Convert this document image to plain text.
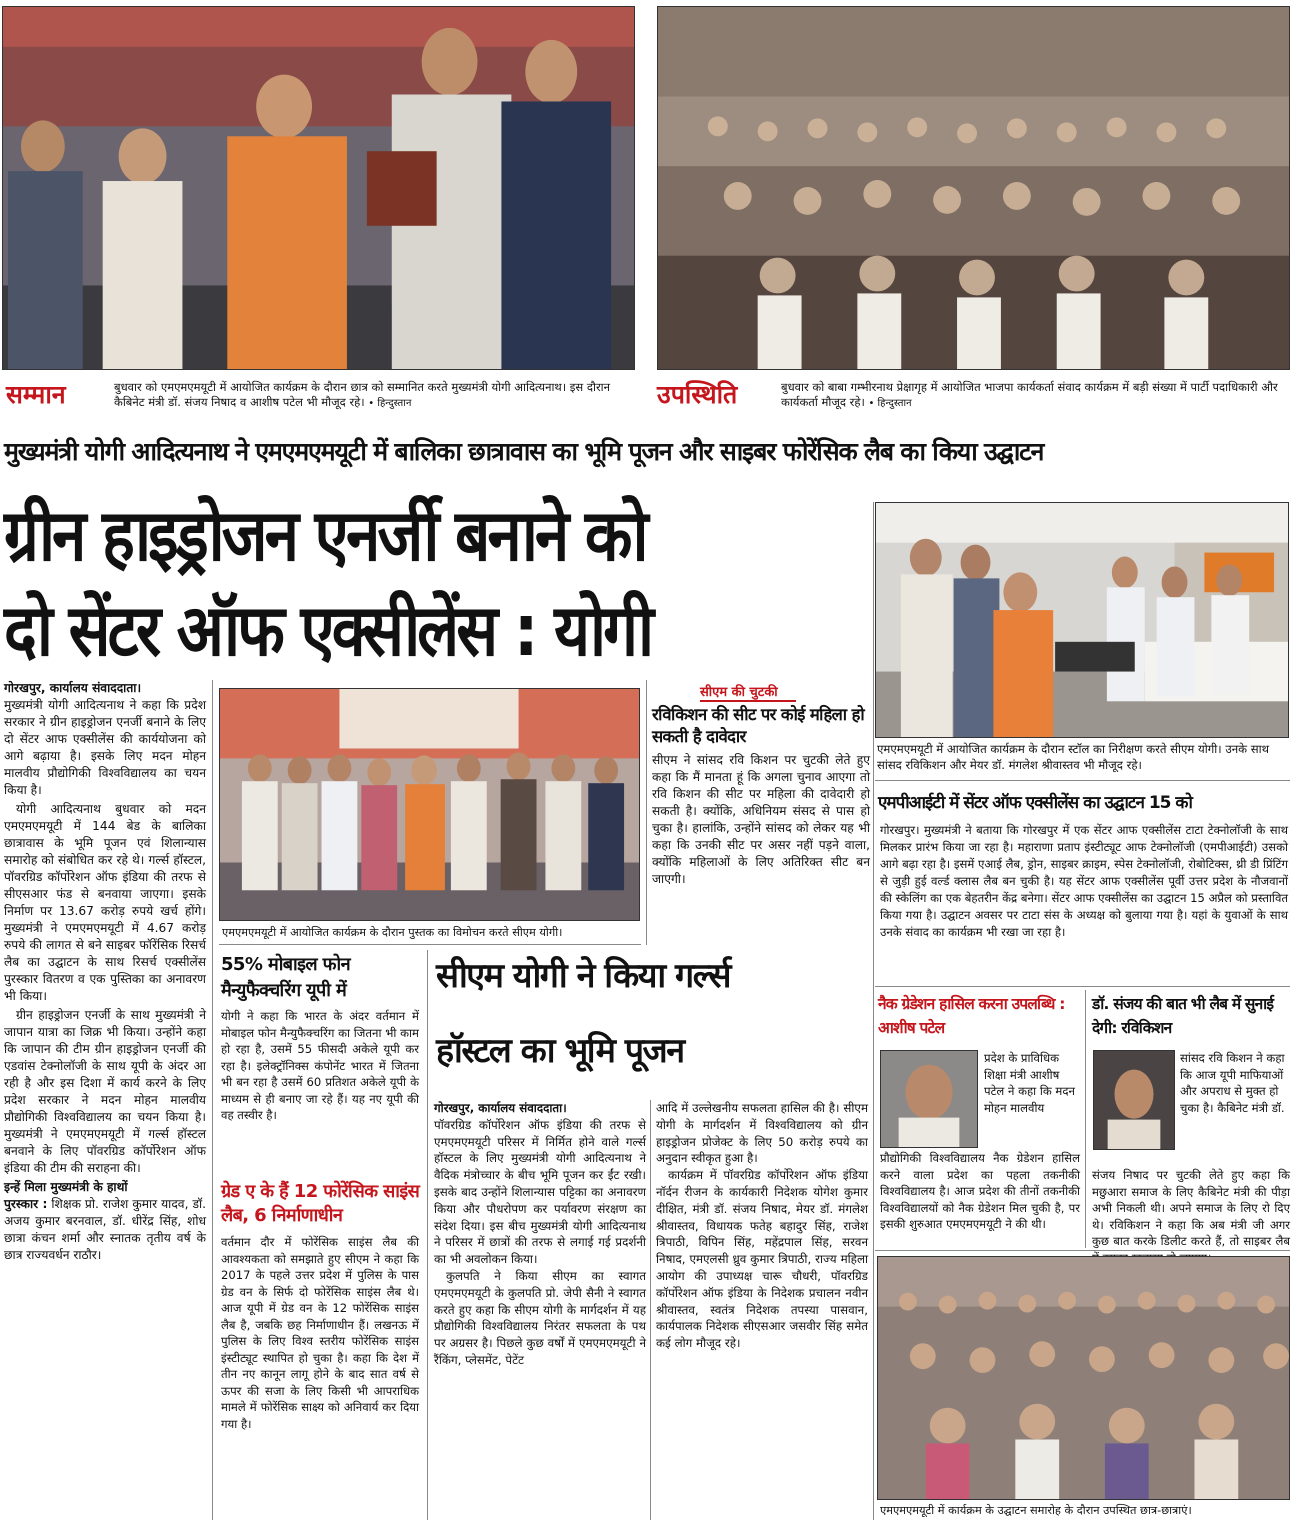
सम्मान	बुधवार को एमएमएमयूटी में आयोजित कार्यक्रम के दौरान छात्र को सम्मानित करते मुख्यमंत्री योगी आदित्यनाथ। इस दौरान कैबिनेट मंत्री डॉ. संजय निषाद व आशीष पटेल भी मौजूद रहे। • हिन्दुस्तान	उपस्थिति	बुधवार को बाबा गम्भीरनाथ प्रेक्षागृह में आयोजित भाजपा कार्यकर्ता संवाद कार्यक्रम में बड़ी संख्या में पार्टी पदाधिकारी और कार्यकर्ता मौजूद रहे। • हिन्दुस्तान
मुख्यमंत्री योगी आदित्यनाथ ने एमएमएमयूटी में बालिका छात्रावास का भूमि पूजन और साइबर फोरेंसिक लैब का किया उद्घाटन
ग्रीन हाइड्रोजन एनर्जी बनाने को
दो सेंटर ऑफ एक्सीलेंस : योगी
एमएमएमयूटी में आयोजित कार्यक्रम के दौरान स्टॉल का निरीक्षण करते सीएम योगी। उनके साथ सांसद रविकिशन और मेयर डॉ. मंगलेश श्रीवास्तव भी मौजूद रहे।
गोरखपुर, कार्यालय संवाददाता।
मुख्यमंत्री योगी आदित्यनाथ ने कहा कि प्रदेश सरकार ने ग्रीन हाइड्रोजन एनर्जी बनाने के लिए दो सेंटर आफ एक्सीलेंस की कार्ययोजना को आगे बढ़ाया है। इसके लिए मदन मोहन मालवीय प्रौद्योगिकी विश्वविद्यालय का चयन किया है।
योगी आदित्यनाथ बुधवार को मदन एमएमएमयूटी में 144 बेड के बालिका छात्रावास के भूमि पूजन एवं शिलान्यास समारोह को संबोधित कर रहे थे। गर्ल्स हॉस्टल, पॉवरग्रिड कॉर्पोरेशन ऑफ इंडिया की तरफ से सीएसआर फंड से बनवाया जाएगा। इसके निर्माण पर 13.67 करोड़ रुपये खर्च होंगे। मुख्यमंत्री ने एमएमएमयूटी में 4.67 करोड़ रुपये की लागत से बने साइबर फॉरेंसिक रिसर्च लैब का उद्घाटन के साथ रिसर्च एक्सीलेंस पुरस्कार वितरण व एक पुस्तिका का अनावरण भी किया।
ग्रीन हाइड्रोजन एनर्जी के साथ मुख्यमंत्री ने जापान यात्रा का जिक्र भी किया। उन्होंने कहा कि जापान की टीम ग्रीन हाइड्रोजन एनर्जी की एडवांस टेक्नोलॉजी के साथ यूपी के अंदर आ रही है और इस दिशा में कार्य करने के लिए प्रदेश सरकार ने मदन मोहन मालवीय प्रौद्योगिकी विश्वविद्यालय का चयन किया है। मुख्यमंत्री ने एमएमएमयूटी में गर्ल्स हॉस्टल बनवाने के लिए पॉवरग्रिड कॉर्पोरेशन ऑफ इंडिया की टीम की सराहना की।
इन्हें मिला मुख्यमंत्री के हाथों
पुरस्कार : शिक्षक प्रो. राजेश कुमार यादव, डॉ. अजय कुमार बरनवाल, डॉ. धीरेंद्र सिंह, शोध छात्रा कंचन शर्मा और स्नातक तृतीय वर्ष के छात्र राज्यवर्धन राठौर।
एमएमएमयूटी में आयोजित कार्यक्रम के दौरान पुस्तक का विमोचन करते सीएम योगी।
सीएम की चुटकी
रविकिशन की सीट पर कोई महिला हो सकती है दावेदार
सीएम ने सांसद रवि किशन पर चुटकी लेते हुए कहा कि मैं मानता हूं कि अगला चुनाव आएगा तो रवि किशन की सीट पर महिला की दावेदारी हो सकती है। क्योंकि, अधिनियम संसद से पास हो चुका है। हालांकि, उन्होंने सांसद को लेकर यह भी कहा कि उनकी सीट पर असर नहीं पड़ने वाला, क्योंकि महिलाओं के लिए अतिरिक्त सीट बन जाएगी।
55% मोबाइल फोन मैन्युफैक्चरिंग यूपी में
योगी ने कहा कि भारत के अंदर वर्तमान में मोबाइल फोन मैन्युफैक्चरिंग का जितना भी काम हो रहा है, उसमें 55 फीसदी अकेले यूपी कर रहा है। इलेक्ट्रॉनिक्स कंपोनेंट भारत में जितना भी बन रहा है उसमें 60 प्रतिशत अकेले यूपी के माध्यम से ही बनाए जा रहे हैं। यह नए यूपी की वह तस्वीर है।
ग्रेड ए के हैं 12 फोरेंसिक साइंस लैब, 6 निर्माणाधीन
वर्तमान दौर में फोरेंसिक साइंस लैब की आवश्यकता को समझाते हुए सीएम ने कहा कि 2017 के पहले उत्तर प्रदेश में पुलिस के पास ग्रेड वन के सिर्फ दो फोरेंसिक साइंस लैब थे। आज यूपी में ग्रेड वन के 12 फोरेंसिक साइंस लैब है, जबकि छह निर्माणाधीन हैं। लखनऊ में पुलिस के लिए विश्व स्तरीय फोरेंसिक साइंस इंस्टीट्यूट स्थापित हो चुका है। कहा कि देश में तीन नए कानून लागू होने के बाद सात वर्ष से ऊपर की सजा के लिए किसी भी आपराधिक मामले में फोरेंसिक साक्ष्य को अनिवार्य कर दिया गया है।
सीएम योगी ने किया गर्ल्स
हॉस्टल का भूमि पूजन
गोरखपुर, कार्यालय संवाददाता।
पॉवरग्रिड कॉर्पोरेशन ऑफ इंडिया की तरफ से एमएमएमयूटी परिसर में निर्मित होने वाले गर्ल्स हॉस्टल के लिए मुख्यमंत्री योगी आदित्यनाथ ने वैदिक मंत्रोच्चार के बीच भूमि पूजन कर ईंट रखी। इसके बाद उन्होंने शिलान्यास पट्टिका का अनावरण किया और पौधरोपण कर पर्यावरण संरक्षण का संदेश दिया। इस बीच मुख्यमंत्री योगी आदित्यनाथ ने परिसर में छात्रों की तरफ से लगाई गई प्रदर्शनी का भी अवलोकन किया।
कुलपति ने किया सीएम का स्वागत एमएमएमयूटी के कुलपति प्रो. जेपी सैनी ने स्वागत करते हुए कहा कि सीएम योगी के मार्गदर्शन में यह प्रौद्योगिकी विश्वविद्यालय निरंतर सफलता के पथ पर अग्रसर है। पिछले कुछ वर्षों में एमएमएमयूटी ने रैंकिंग, प्लेसमेंट, पेटेंट
आदि में उल्लेखनीय सफलता हासिल की है। सीएम योगी के मार्गदर्शन में विश्वविद्यालय को ग्रीन हाइड्रोजन प्रोजेक्ट के लिए 50 करोड़ रुपये का अनुदान स्वीकृत हुआ है।
कार्यक्रम में पॉवरग्रिड कॉर्पोरेशन ऑफ इंडिया नॉर्दन रीजन के कार्यकारी निदेशक योगेश कुमार दीक्षित, मंत्री डॉ. संजय निषाद, मेयर डॉ. मंगलेश श्रीवास्तव, विधायक फतेह बहादुर सिंह, राजेश त्रिपाठी, विपिन सिंह, महेंद्रपाल सिंह, सरवन निषाद, एमएलसी ध्रुव कुमार त्रिपाठी, राज्य महिला आयोग की उपाध्यक्ष चारू चौधरी, पॉवरग्रिड कॉर्पोरेशन ऑफ इंडिया के निदेशक प्रचालन नवीन श्रीवास्तव, स्वतंत्र निदेशक तपस्या पासवान, कार्यपालक निदेशक सीएसआर जसवीर सिंह समेत कई लोग मौजूद रहे।
एमपीआईटी में सेंटर ऑफ एक्सीलेंस का उद्घाटन 15 को
गोरखपुर। मुख्यमंत्री ने बताया कि गोरखपुर में एक सेंटर आफ एक्सीलेंस टाटा टेक्नोलॉजी के साथ मिलकर प्रारंभ किया जा रहा है। महाराणा प्रताप इंस्टीट्यूट आफ टेक्नोलॉजी (एमपीआईटी) उसको आगे बढ़ा रहा है। इसमें एआई लैब, ड्रोन, साइबर क्राइम, स्पेस टेक्नोलॉजी, रोबोटिक्स, थ्री डी प्रिंटिंग से जुड़ी हुई वर्ल्ड क्लास लैब बन चुकी है। यह सेंटर आफ एक्सीलेंस पूर्वी उत्तर प्रदेश के नौजवानों की स्केलिंग का एक बेहतरीन केंद्र बनेगा। सेंटर आफ एक्सीलेंस का उद्घाटन 15 अप्रैल को प्रस्तावित किया गया है। उद्घाटन अवसर पर टाटा संस के अध्यक्ष को बुलाया गया है। यहां के युवाओं के साथ उनके संवाद का कार्यक्रम भी रखा जा रहा है।
नैक ग्रेडेशन हासिल करना उपलब्धि : आशीष पटेल
प्रदेश के प्राविधिक शिक्षा मंत्री आशीष पटेल ने कहा कि मदन मोहन मालवीय
प्रौद्योगिकी विश्वविद्यालय नैक ग्रेडेशन हासिल करने वाला प्रदेश का पहला तकनीकी विश्वविद्यालय है। आज प्रदेश की तीनों तकनीकी विश्वविद्यालयों को नैक ग्रेडेशन मिल चुकी है, पर इसकी शुरुआत एमएमएमयूटी ने की थी।
डॉ. संजय की बात भी लैब में सुनाई देगी: रविकिशन
सांसद रवि किशन ने कहा कि आज यूपी माफियाओं और अपराध से मुक्त हो चुका है। कैबिनेट मंत्री डॉ.
संजय निषाद पर चुटकी लेते हुए कहा कि मछुआरा समाज के लिए कैबिनेट मंत्री की पीड़ा अभी निकली थी। अपने समाज के लिए रो दिए थे। रविकिशन ने कहा कि अब मंत्री जी अगर कुछ बात करके डिलीट करते हैं, तो साइबर लैब
एमएमएमयूटी में कार्यक्रम के उद्घाटन समारोह के दौरान उपस्थित छात्र-छात्राएं।
